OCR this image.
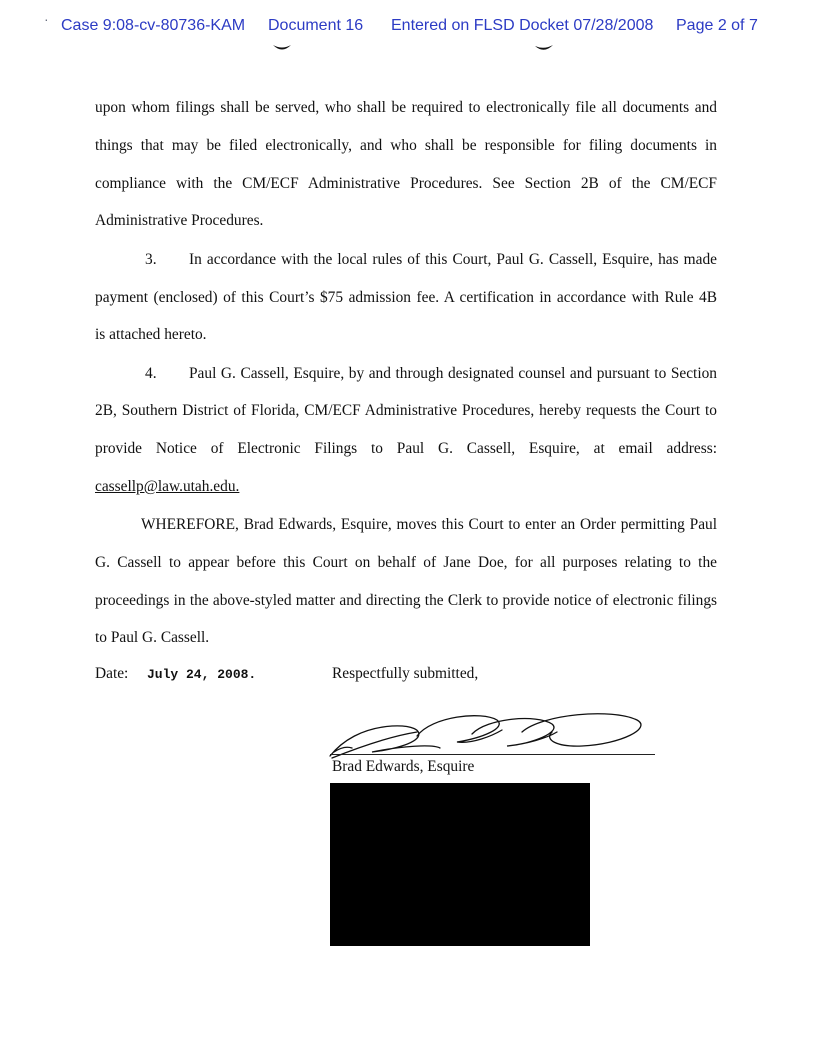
· Case 9:08-cv-80736-KAM Document 16 Entered on FLSD Docket 07/28/2008 Page 2 of 7
upon whom filings shall be served, who shall be required to electronically file all documents and
things that may be filed electronically, and who shall be responsible for filing documents in
compliance with the CM/ECF Administrative Procedures. See Section 2B of the CM/ECF
Administrative Procedures.
3. In accordance with the local rules of this Court, Paul G. Cassell, Esquire, has made
payment (enclosed) of this Court’s $75 admission fee. A certification in accordance with Rule 4B
is attached hereto.
4. Paul G. Cassell, Esquire, by and through designated counsel and pursuant to Section
2B, Southern District of Florida, CM/ECF Administrative Procedures, hereby requests the Court to
provide Notice of Electronic Filings to Paul G. Cassell, Esquire, at email address:
cassellp@law.utah.edu.
WHEREFORE, Brad Edwards, Esquire, moves this Court to enter an Order permitting Paul
G. Cassell to appear before this Court on behalf of Jane Doe, for all purposes relating to the
proceedings in the above-styled matter and directing the Clerk to provide notice of electronic filings
to Paul G. Cassell.
Date: July 24, 2008.	Respectfully submitted,
Brad Edwards, Esquire
